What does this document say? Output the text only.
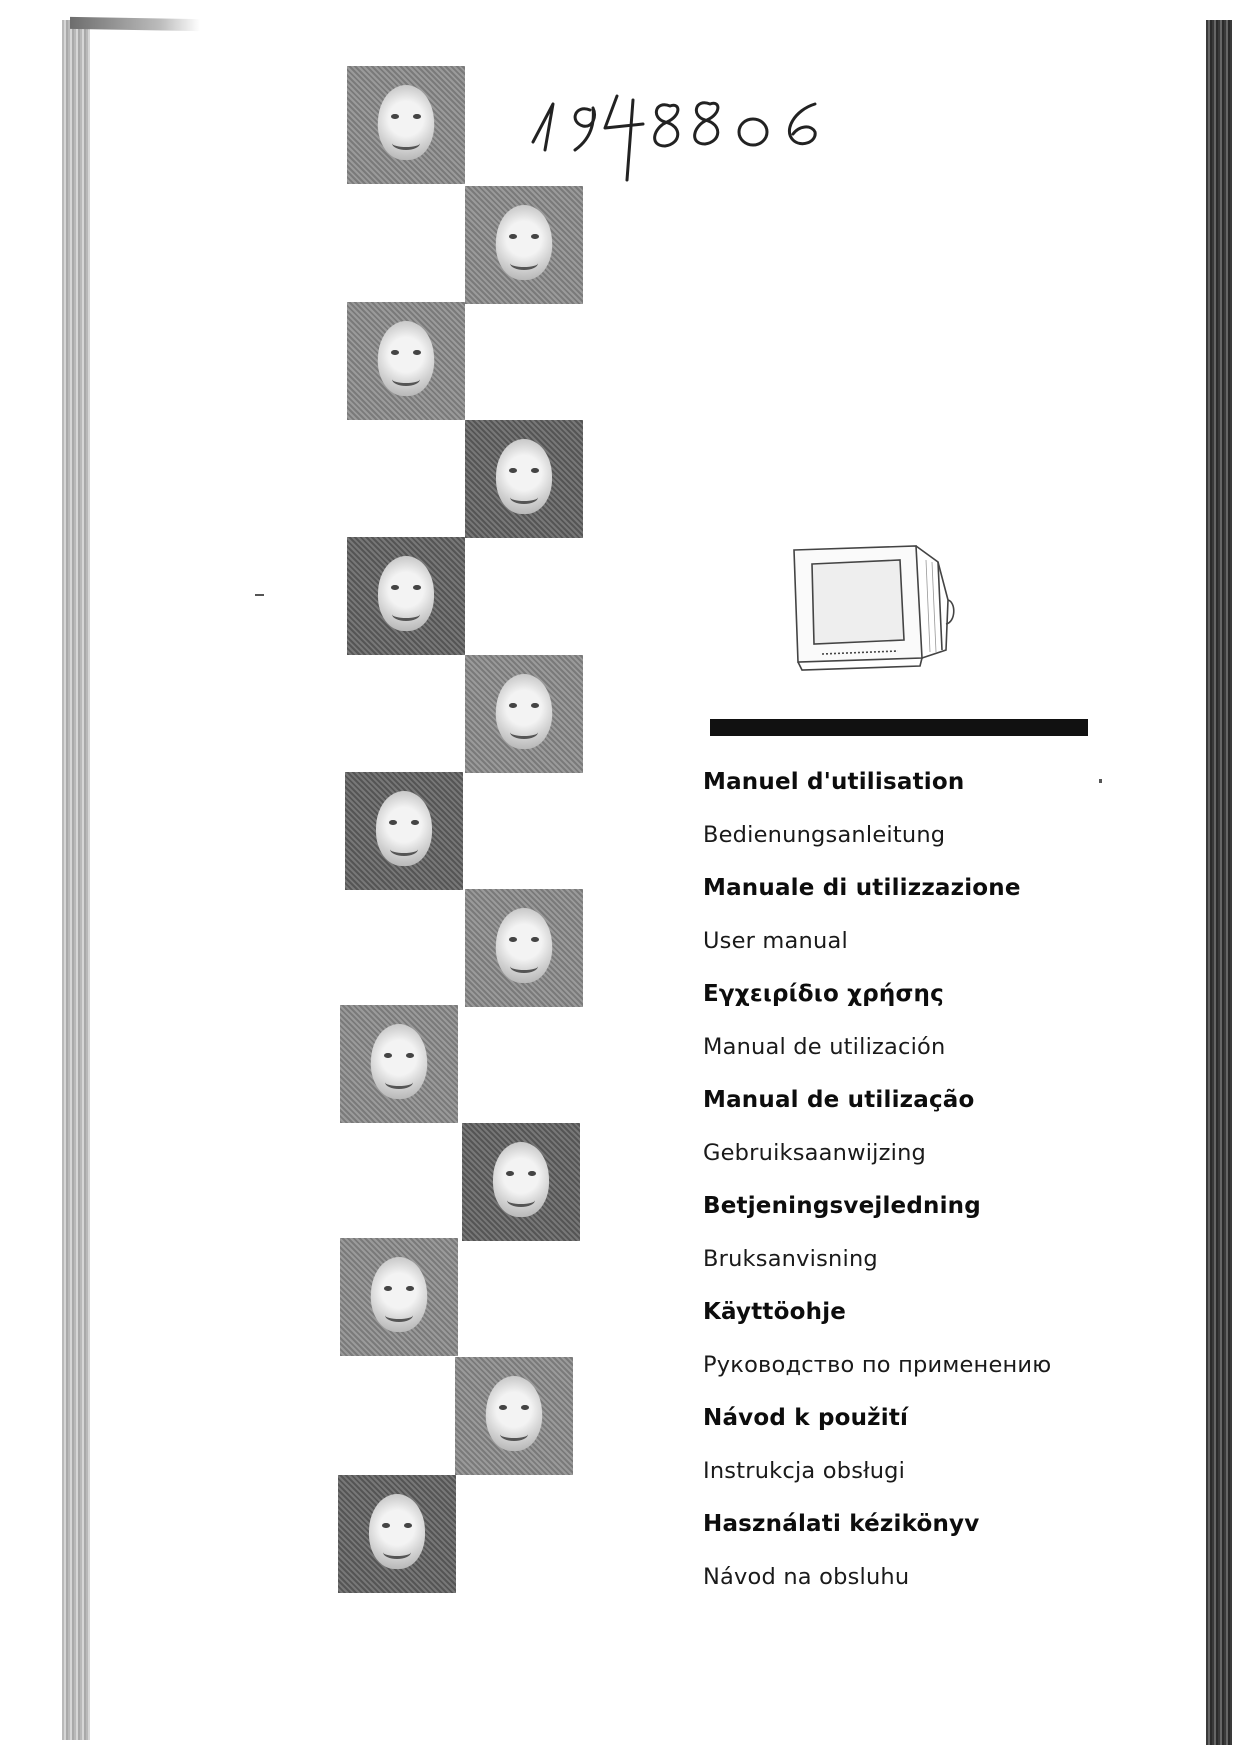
Manuel d'utilisation
Bedienungsanleitung
Manuale di utilizzazione
User manual
Εγχειρίδιο χρήσης
Manual de utilización
Manual de utilização
Gebruiksaanwijzing
Betjeningsvejledning
Bruksanvisning
Käyttöohje
Руководство по применению
Návod k použití
Instrukcja obsługi
Használati kézikönyv
Návod na obsluhu
